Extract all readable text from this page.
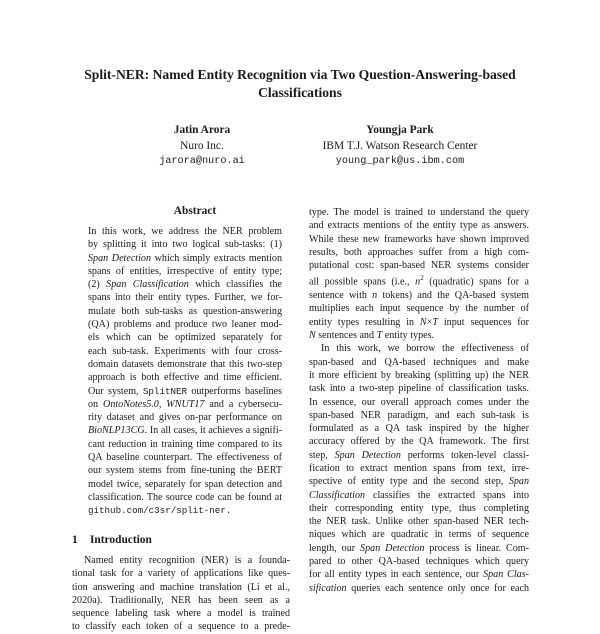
Split-NER: Named Entity Recognition via Two Question-Answering-based
Classifications
Jatin Arora
Nuro Inc.
jarora@nuro.ai
Youngja Park
IBM T.J. Watson Research Center
young_park@us.ibm.com
Abstract
In this work, we address the NER problem
by splitting it into two logical sub-tasks: (1)
Span Detection which simply extracts mention
spans of entities, irrespective of entity type;
(2) Span Classification which classifies the
spans into their entity types. Further, we for-
mulate both sub-tasks as question-answering
(QA) problems and produce two leaner mod-
els which can be optimized separately for
each sub-task. Experiments with four cross-
domain datasets demonstrate that this two-step
approach is both effective and time efficient.
Our system, SplitNER outperforms baselines
on OntoNotes5.0, WNUT17 and a cybersecu-
rity dataset and gives on-par performance on
BioNLP13CG. In all cases, it achieves a signifi-
cant reduction in training time compared to its
QA baseline counterpart. The effectiveness of
our system stems from fine-tuning the BERT
model twice, separately for span detection and
classification. The source code can be found at
github.com/c3sr/split-ner.
1 Introduction
Named entity recognition (NER) is a founda-
tional task for a variety of applications like ques-
tion answering and machine translation (Li et al.,
2020a). Traditionally, NER has been seen as a
sequence labeling task where a model is trained
to classify each token of a sequence to a prede-
type. The model is trained to understand the query
and extracts mentions of the entity type as answers.
While these new frameworks have shown improved
results, both approaches suffer from a high com-
putational cost: span-based NER systems consider
all possible spans (i.e., $n^2$ (quadratic) spans for a
sentence with n tokens) and the QA-based system
multiplies each input sequence by the number of
entity types resulting in N×T input sequences for
N sentences and T entity types.
In this work, we borrow the effectiveness of
span-based and QA-based techniques and make
it more efficient by breaking (splitting up) the NER
task into a two-step pipeline of classification tasks.
In essence, our overall approach comes under the
span-based NER paradigm, and each sub-task is
formulated as a QA task inspired by the higher
accuracy offered by the QA framework. The first
step, Span Detection performs token-level classi-
fication to extract mention spans from text, irre-
spective of entity type and the second step, Span
Classification classifies the extracted spans into
their corresponding entity type, thus completing
the NER task. Unlike other span-based NER tech-
niques which are quadratic in terms of sequence
length, our Span Detection process is linear. Com-
pared to other QA-based techniques which query
for all entity types in each sentence, our Span Clas-
sification queries each sentence only once for each
